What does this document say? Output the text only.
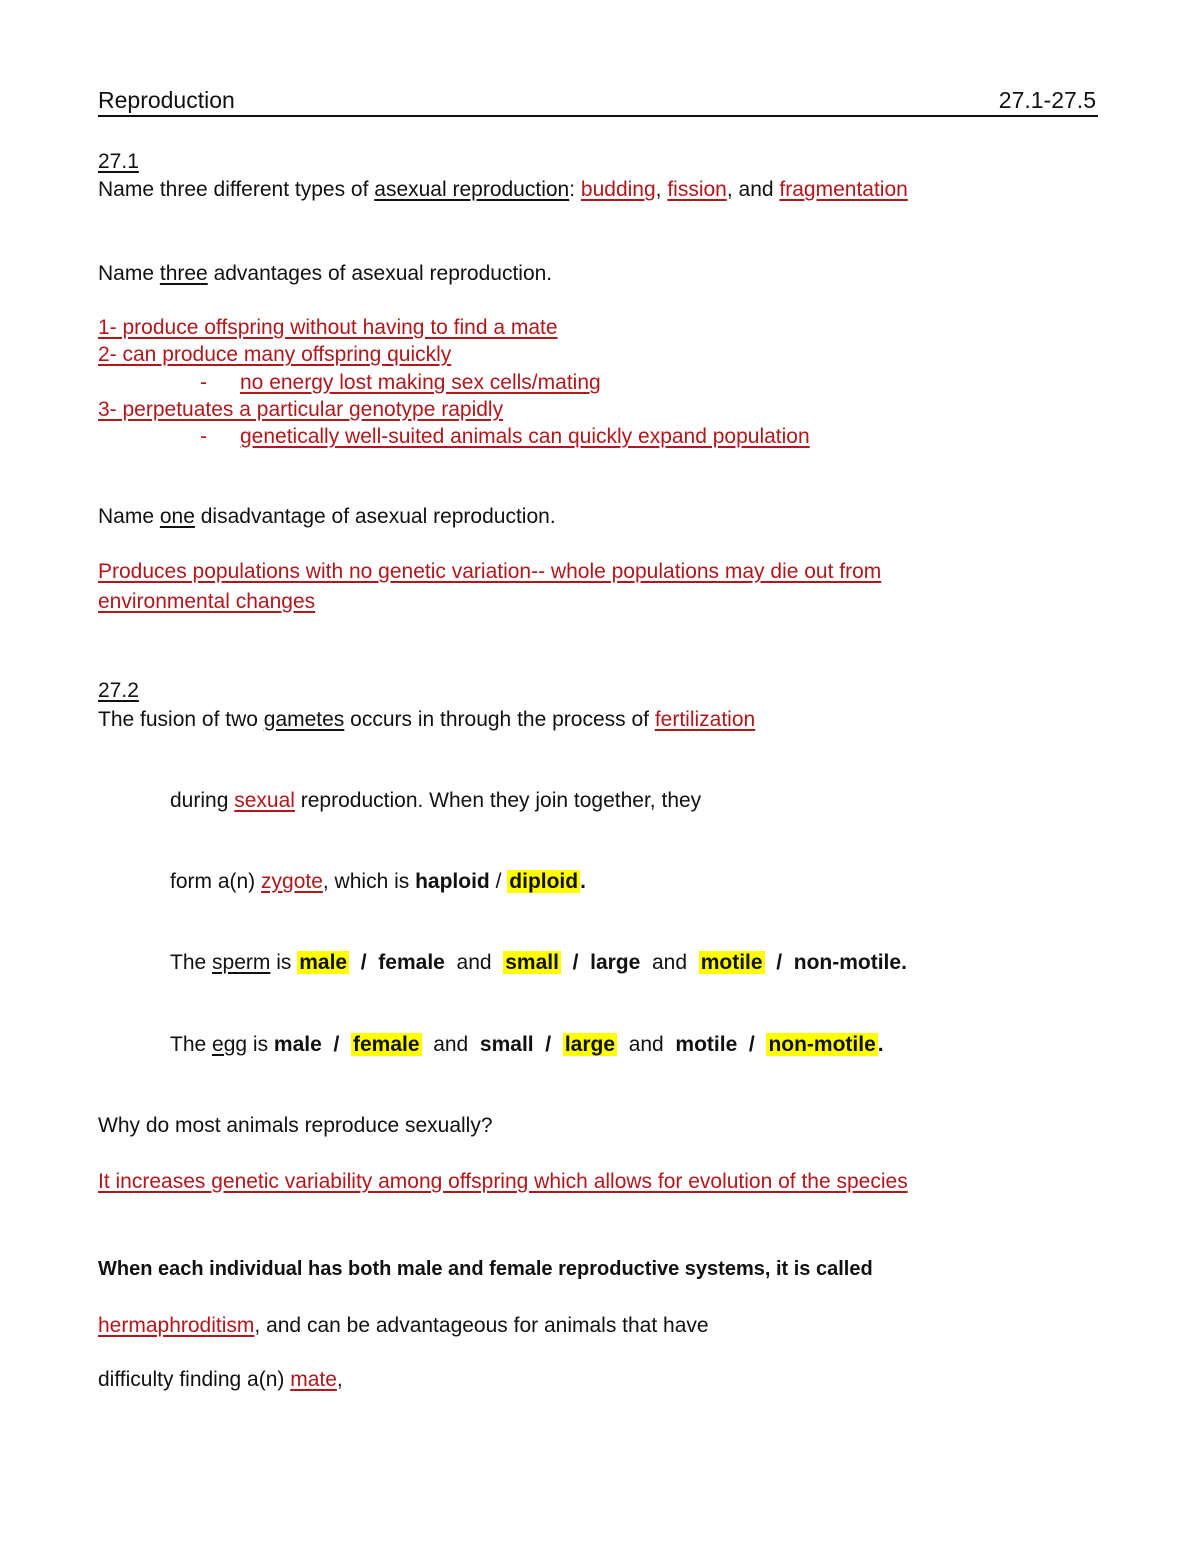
Reproduction	27.1-27.5
27.1
Name three different types of asexual reproduction: budding, fission, and fragmentation
Name three advantages of asexual reproduction.
1- produce offspring without having to find a mate
2- can produce many offspring quickly
- no energy lost making sex cells/mating
3- perpetuates a particular genotype rapidly
- genetically well-suited animals can quickly expand population
Name one disadvantage of asexual reproduction.
Produces populations with no genetic variation-- whole populations may die out from
environmental changes
27.2
The fusion of two gametes occurs in through the process of fertilization
during sexual reproduction. When they join together, they
form a(n) zygote, which is haploid / diploid.
The sperm is male / female and small / large and motile / non-motile.
The egg is male / female and small / large and motile / non-motile.
Why do most animals reproduce sexually?
It increases genetic variability among offspring which allows for evolution of the species
When each individual has both male and female reproductive systems, it is called
hermaphroditism, and can be advantageous for animals that have
difficulty finding a(n) mate,
